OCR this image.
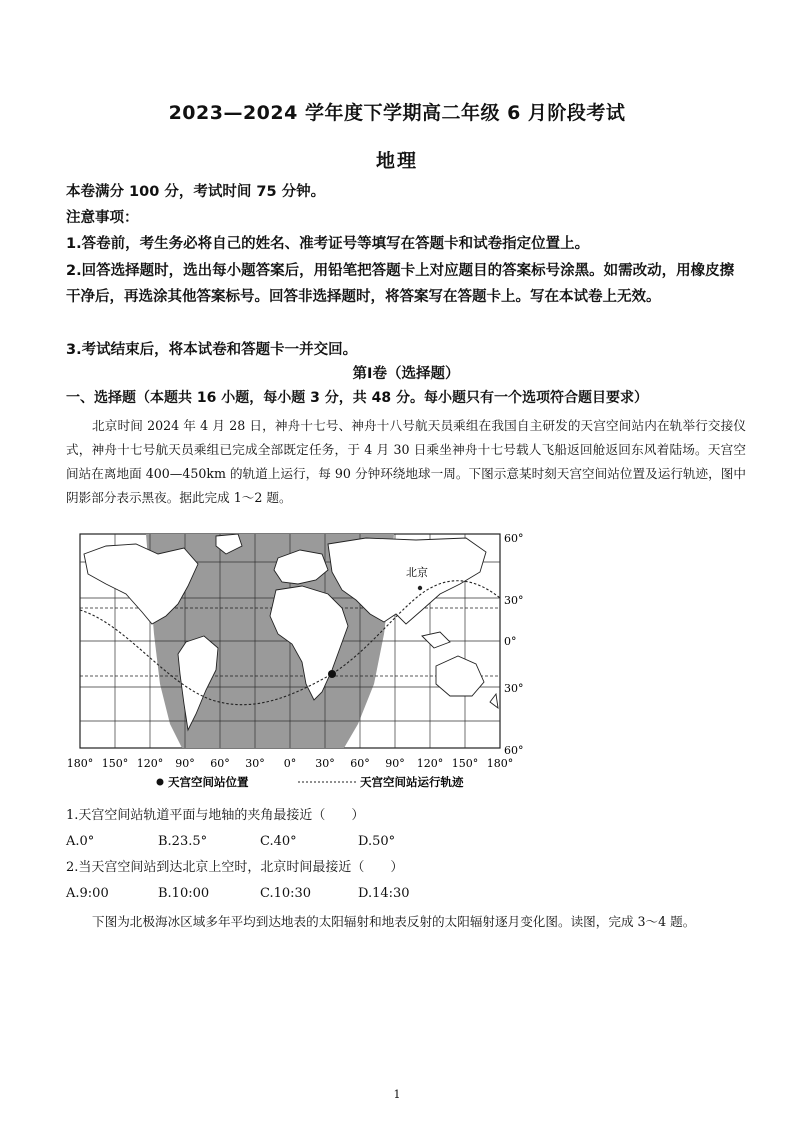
2023—2024 学年度下学期高二年级 6 月阶段考试
地理
本卷满分 100 分，考试时间 75 分钟。
注意事项：
1.答卷前，考生务必将自己的姓名、准考证号等填写在答题卡和试卷指定位置上。
2.回答选择题时，选出每小题答案后，用铅笔把答题卡上对应题目的答案标号涂黑。如需改动，用橡皮擦干净后，再选涂其他答案标号。回答非选择题时，将答案写在答题卡上。写在本试卷上无效。
3.考试结束后，将本试卷和答题卡一并交回。
第Ⅰ卷（选择题）
一、选择题（本题共 16 小题，每小题 3 分，共 48 分。每小题只有一个选项符合题目要求）
北京时间 2024 年 4 月 28 日，神舟十七号、神舟十八号航天员乘组在我国自主研发的天宫空间站内在轨举行交接仪式，神舟十七号航天员乘组已完成全部既定任务，于 4 月 30 日乘坐神舟十七号载人飞船返回舱返回东风着陆场。天宫空间站在离地面 400—450km 的轨道上运行，每 90 分钟环绕地球一周。下图示意某时刻天宫空间站位置及运行轨迹，图中阴影部分表示黑夜。据此完成 1～2 题。
北京
60°
30°
0°
30°
60°
180° 150° 120° 90° 60° 30° 0° 30° 60° 90° 120° 150° 180°
天宫空间站位置	天宫空间站运行轨迹
1.天宫空间站轨道平面与地轴的夹角最接近（　　）
A.0°	B.23.5°	C.40°	D.50°
2.当天宫空间站到达北京上空时，北京时间最接近（　　）
A.9:00	B.10:00	C.10:30	D.14:30
下图为北极海冰区域多年平均到达地表的太阳辐射和地表反射的太阳辐射逐月变化图。读图，完成 3～4 题。
1
